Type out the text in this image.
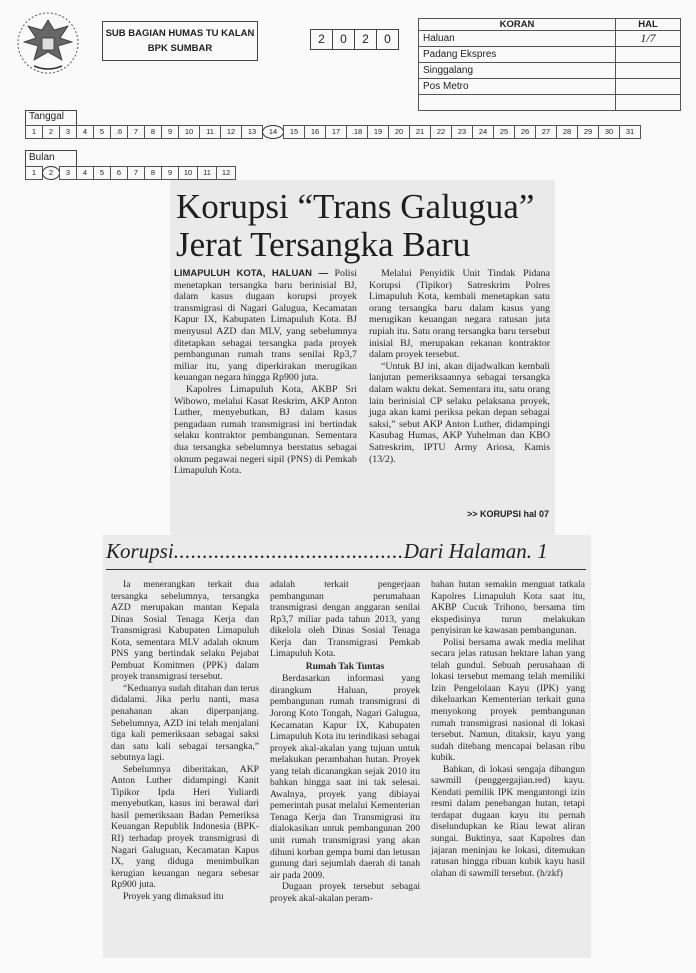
SUB BAGIAN HUMAS TU KALAN
BPK SUMBAR
2	0	2	0
KORAN	HAL
Haluan	1/7
Padang Ekspres	
Singgalang	
Pos Metro	

Tanggal
1	2	3	4	5	.6	7	8	9	10	11	12	13	14	15	16	17	.18	19	20	21	22	23	24	25	26	27	28	29	30	31
Bulan
1	2	3	4	5	6	7	8	9	10	11	12
Korupsi “Trans Galugua”
Jerat Tersangka Baru

LIMAPULUH KOTA, HALUAN — Polisi menetapkan tersangka baru berinisial BJ, dalam kasus dugaan korupsi proyek transmigrasi di Nagari Galugua, Kecamatan Kapur IX, Kabupaten Limapuluh Kota. BJ menyusul AZD dan MLV, yang sebelumnya ditetapkan sebagai tersangka pada proyek pembangunan rumah trans senilai Rp3,7 miliar itu, yang diperkirakan merugikan keuangan negara hingga Rp900 juta.

Kapolres Limapuluh Kota, AKBP Sri Wibowo, melalui Kasat Reskrim, AKP Anton Luther, menyebutkan, BJ dalam kasus pengadaan rumah transmigrasi ini bertindak selaku kontraktor pembangunan. Sementara dua tersangka sebelumnya berstatus sebagai oknum pegawai negeri sipil (PNS) di Pemkab Limapuluh Kota.

Melalui Penyidik Unit Tindak Pidana Korupsi (Tipikor) Satreskrim Polres Limapuluh Kota, kembali menetapkan satu orang tersangka baru dalam kasus yang merugikan keuangan negara ratusan juta rupiah itu. Satu orang tersangka baru tersebut inisial BJ, merupakan rekanan kontraktor dalam proyek tersebut.

“Untuk BJ ini, akan dijadwalkan kembali lanjutan pemeriksaannya sebagai tersangka dalam waktu dekat. Sementara itu, satu orang lain berinisial CP selaku pelaksana proyek, juga akan kami periksa pekan depan sebagai saksi,” sebut AKP Anton Luther, didampingi Kasubag Humas, AKP Yuhelman dan KBO Satreskrim, IPTU Army Ariosa, Kamis (13/2).

>> KORUPSI hal 07
Korupsi........................................Dari Halaman. 1

Ia menerangkan terkait dua tersangka sebelumnya, tersangka AZD merupakan mantan Kepala Dinas Sosial Tenaga Kerja dan Transmigrasi Kabupaten Limapuluh Kota, sementara MLV adalah oknum PNS yang bertindak selaku Pejabat Pembuat Komitmen (PPK) dalam proyek transmigrasi tersebut.

“Keduanya sudah ditahan dan terus didalami. Jika perlu nanti, masa penahanan akan diperpanjang. Sebelumnya, AZD ini telah menjalani tiga kali pemeriksaan sebagai saksi dan satu kali sebagai tersangka,” sebutnya lagi.

Sebelumnya diberitakan, AKP Anton Luther didampingi Kanit Tipikor Ipda Heri Yuliardi menyebutkan, kasus ini berawal dari hasil pemeriksaan Badan Pemeriksa Keuangan Republik Indonesia (BPK-RI) terhadap proyek transmigrasi di Nagari Galuguan, Kecamatan Kapus IX, yang diduga menimbulkan kerugian keuangan negara sebesar Rp900 juta.

Proyek yang dimaksud itu

adalah terkait pengerjaan pembangunan perumahaan transmigrasi dengan anggaran senilai Rp3,7 miliar pada tahun 2013, yang dikelola oleh Dinas Sosial Tenaga Kerja dan Transmigrasi Pemkab Limapuluh Kota.

Rumah Tak Tuntas

Berdasarkan informasi yang dirangkum Haluan, proyek pembangunan rumah transmigrasi di Jorong Koto Tongah, Nagari Galugua, Kecamatan Kapur IX, Kabupaten Limapuluh Kota itu terindikasi sebagai proyek akal-akalan yang tujuan untuk melakukan perambahan hutan. Proyek yang telah dicanangkan sejak 2010 itu bahkan hingga saat ini tak selesai. Awalnya, proyek yang dibiayai pemerintah pusat melalui Kementerian Tenaga Kerja dan Transmigrasi itu dialokasikan untuk pembangunan 200 unit rumah transmigrasi yang akan dihuni korban gempa bumi dan letusan gunung dari sejumlah daerah di tanah air pada 2009.

Dugaan proyek tersebut sebagai proyek akal-akalan peram-

bahan hutan semakin menguat tatkala Kapolres Limapuluh Kota saat itu, AKBP Cucuk Trihono, bersama tim ekspedisinya turun melakukan penyisiran ke kawasan pembangunan.

Polisi bersama awak media melihat secara jelas ratusan hektare lahan yang telah gundul. Sebuah perusahaan di lokasi tersebut memang telah memiliki Izin Pengelolaan Kayu (IPK) yang dikeluarkan Kementerian terkait guna menyokong proyek pembangunan rumah transmigrasi nasional di lokasi tersebut. Namun, ditaksir, kayu yang sudah ditebang mencapai belasan ribu kubik.

Bahkan, di lokasi sengaja dibangun sawmill (penggergajian.red) kayu. Kendati pemilik IPK mengantongi izin resmi dalam penebangan hutan, tetapi terdapat dugaan kayu itu pernah diselundupkan ke Riau lewat aliran sungai. Buktinya, saat Kapolres dan jajaran meninjau ke lokasi, ditemukan ratusan hingga ribuan kubik kayu hasil olahan di sawmill tersebut. (h/zkf)
